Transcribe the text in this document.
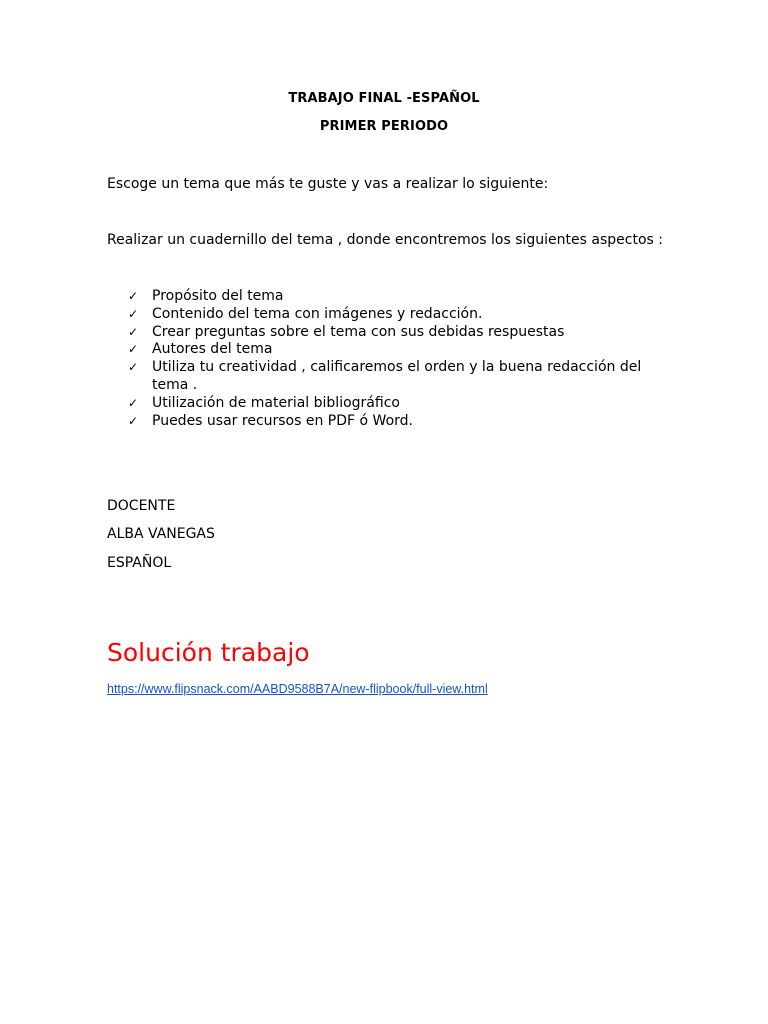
TRABAJO FINAL -ESPAÑOL
PRIMER PERIODO
Escoge un tema que más te guste y vas a realizar lo siguiente:
Realizar un cuadernillo del tema , donde encontremos los siguientes aspectos :
✓ Propósito del tema
✓ Contenido del tema con imágenes y redacción.
✓ Crear preguntas sobre el tema con sus debidas respuestas
✓ Autores del tema
✓ Utiliza tu creatividad , calificaremos el orden y la buena redacción del tema .
✓ Utilización de material bibliográfico
✓ Puedes usar recursos en PDF ó Word.
DOCENTE
ALBA VANEGAS
ESPAÑOL
Solución trabajo
https://www.flipsnack.com/AABD9588B7A/new-flipbook/full-view.html
